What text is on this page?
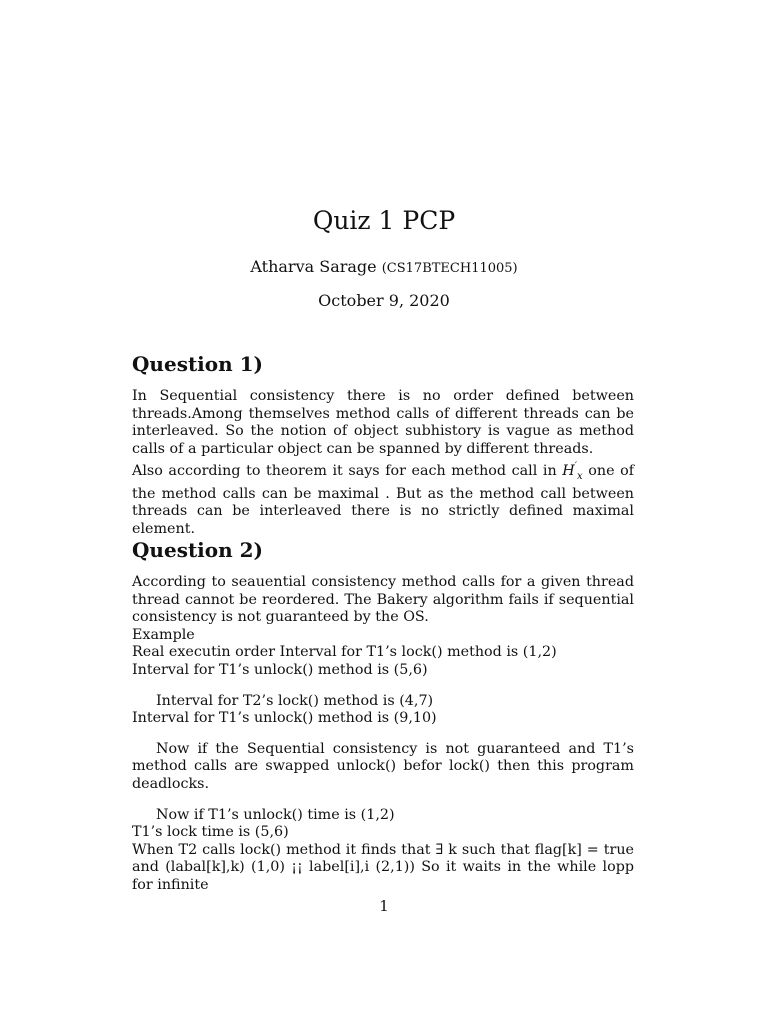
Quiz 1 PCP
Atharva Sarage (CS17BTECH11005)
October 9, 2020
Question 1)

In Sequential consistency there is no order defined between threads.Among themselves method calls of different threads can be interleaved. So the notion of object subhistory is vague as method calls of a particular object can be spanned by different threads.

Also according to theorem it says for each method call in $H'_x$ one of the method calls can be maximal . But as the method call between threads can be interleaved there is no strictly defined maximal element.

Question 2)

According to seauential consistency method calls for a given thread thread cannot be reordered. The Bakery algorithm fails if sequential consistency is not guaranteed by the OS.

Example
Real executin order Interval for T1’s lock() method is (1,2)
Interval for T1’s unlock() method is (5,6)
Interval for T2’s lock() method is (4,7)
Interval for T1’s unlock() method is (9,10)

Now if the Sequential consistency is not guaranteed and T1’s method calls are swapped unlock() befor lock() then this program deadlocks.

Now if T1’s unlock() time is (1,2)
T1’s lock time is (5,6)

When T2 calls lock() method it finds that ∃ k such that flag[k] = true and (labal[k],k) (1,0) ¡¡ label[i],i (2,1)) So it waits in the while lopp for infinite

1
